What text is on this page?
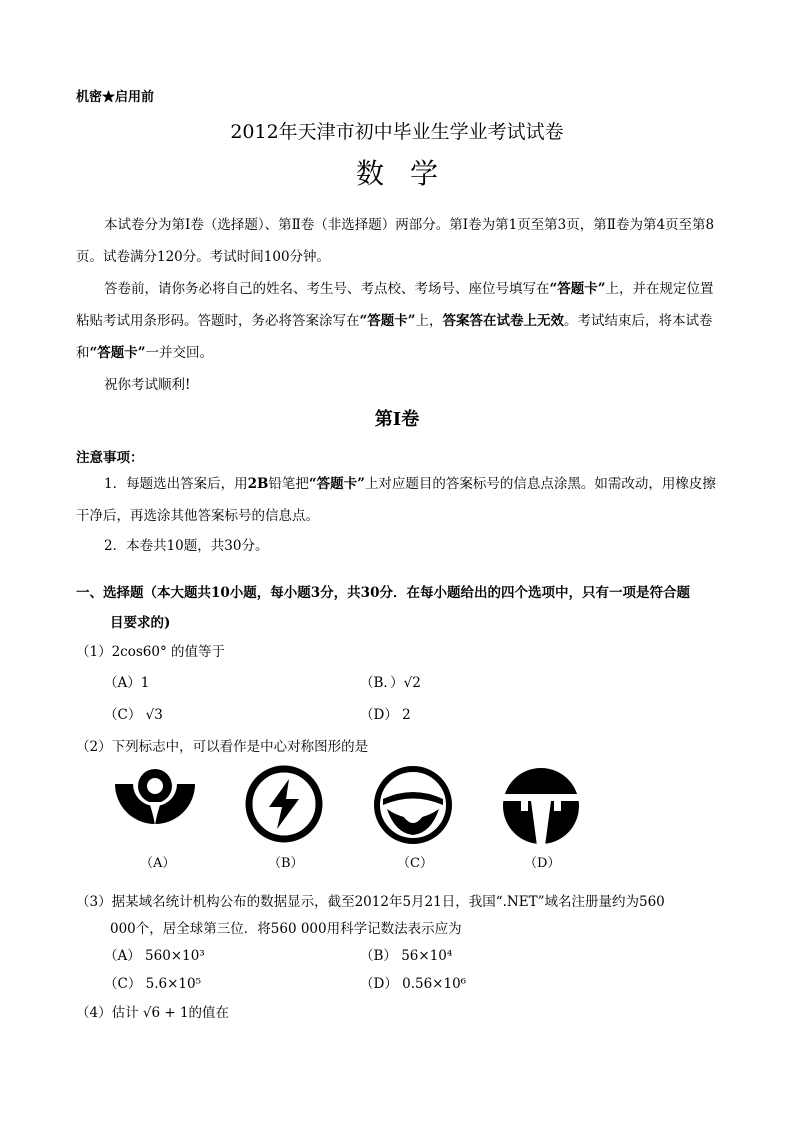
机密★启用前
2012年天津市初中毕业生学业考试试卷
数学
本试卷分为第Ⅰ卷（选择题）、第Ⅱ卷（非选择题）两部分。第Ⅰ卷为第1页至第3页，第Ⅱ卷为第4页至第8页。试卷满分120分。考试时间100分钟。
答卷前，请你务必将自己的姓名、考生号、考点校、考场号、座位号填写在“答题卡”上，并在规定位置粘贴考试用条形码。答题时，务必将答案涂写在“答题卡”上，答案答在试卷上无效。考试结束后，将本试卷和“答题卡”一并交回。
祝你考试顺利!
第Ⅰ卷
注意事项：
1．每题选出答案后，用2B铅笔把“答题卡”上对应题目的答案标号的信息点涂黑。如需改动，用橡皮擦干净后，再选涂其他答案标号的信息点。
2．本卷共10题，共30分。
一、选择题（本大题共10小题，每小题3分，共30分．在每小题给出的四个选项中，只有一项是符合题
目要求的)
（1）2cos60° 的值等于
（A）1	（B．）√2
（C） √3	（D） 2
（2）下列标志中，可以看作是中心对称图形的是
（A）	（B）	（C）	（D）
（3）据某域名统计机构公布的数据显示，截至2012年5月21日，我国“.NET”域名注册量约为560
000个，居全球第三位．将560 000用科学记数法表示应为
（A） 560×10³	（B） 56×10⁴
（C） 5.6×10⁵	（D） 0.56×10⁶
（4）估计 √6 + 1的值在
